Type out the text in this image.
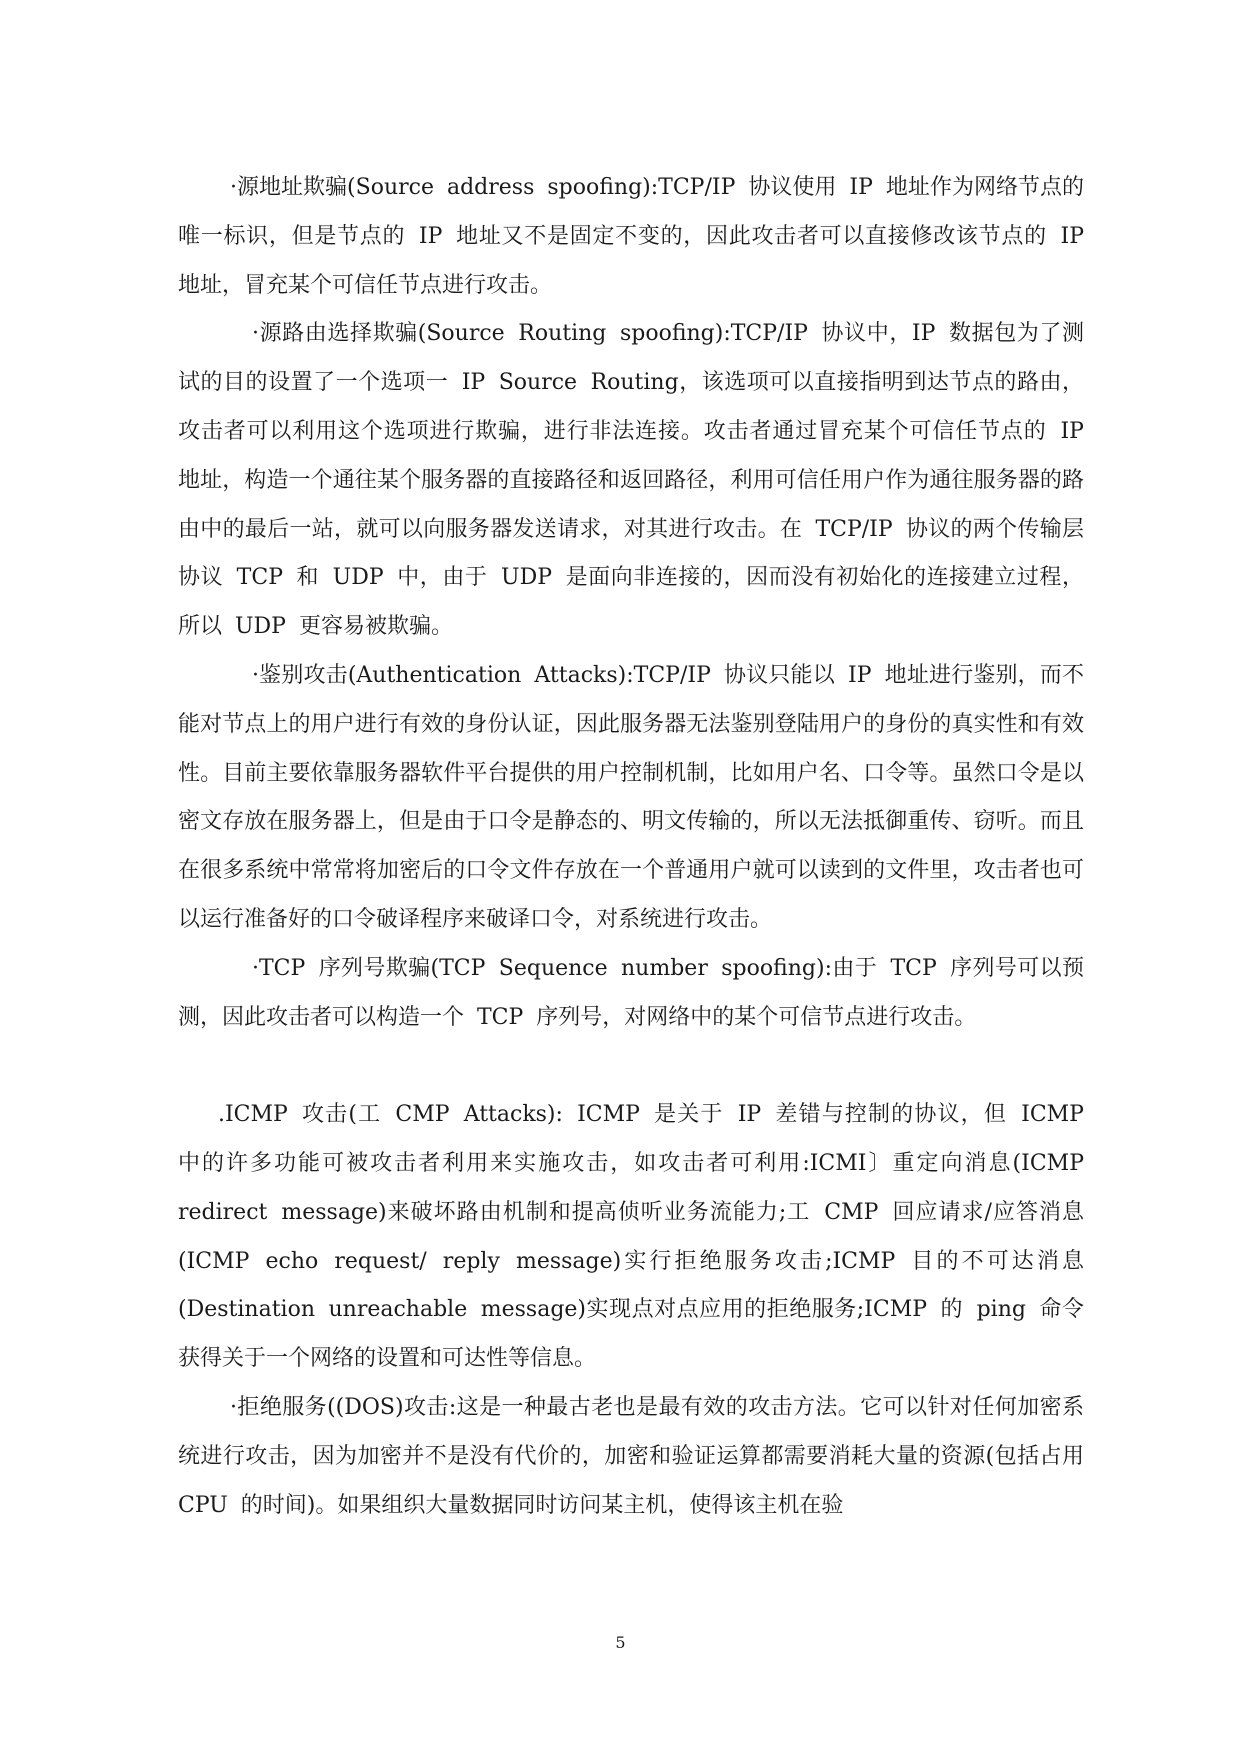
·源地址欺骗(Source address spoofing):TCP/IP 协议使用 IP 地址作为网络节点的唯一标识，但是节点的 IP 地址又不是固定不变的，因此攻击者可以直接修改该节点的 IP 地址，冒充某个可信任节点进行攻击。

·源路由选择欺骗(Source Routing spoofing):TCP/IP 协议中，IP 数据包为了测试的目的设置了一个选项一 IP Source Routing，该选项可以直接指明到达节点的路由，攻击者可以利用这个选项进行欺骗，进行非法连接。攻击者通过冒充某个可信任节点的 IP 地址，构造一个通往某个服务器的直接路径和返回路径，利用可信任用户作为通往服务器的路由中的最后一站，就可以向服务器发送请求，对其进行攻击。在 TCP/IP 协议的两个传输层协议 TCP 和 UDP 中，由于 UDP 是面向非连接的，因而没有初始化的连接建立过程，所以 UDP 更容易被欺骗。

·鉴别攻击(Authentication Attacks):TCP/IP 协议只能以 IP 地址进行鉴别，而不能对节点上的用户进行有效的身份认证，因此服务器无法鉴别登陆用户的身份的真实性和有效性。目前主要依靠服务器软件平台提供的用户控制机制，比如用户名、口令等。虽然口令是以密文存放在服务器上，但是由于口令是静态的、明文传输的，所以无法抵御重传、窃听。而且在很多系统中常常将加密后的口令文件存放在一个普通用户就可以读到的文件里，攻击者也可以运行准备好的口令破译程序来破译口令，对系统进行攻击。

·TCP 序列号欺骗(TCP Sequence number spoofing):由于 TCP 序列号可以预测，因此攻击者可以构造一个 TCP 序列号，对网络中的某个可信节点进行攻击。

.ICMP 攻击(工 CMP Attacks): ICMP 是关于 IP 差错与控制的协议，但 ICMP 中的许多功能可被攻击者利用来实施攻击，如攻击者可利用:ICMI〕重定向消息(ICMP redirect message)来破坏路由机制和提高侦听业务流能力;工 CMP 回应请求/应答消息(ICMP echo request/ reply message)实行拒绝服务攻击;ICMP 目的不可达消息(Destination unreachable message)实现点对点应用的拒绝服务;ICMP 的 ping 命令获得关于一个网络的设置和可达性等信息。

·拒绝服务((DOS)攻击:这是一种最古老也是最有效的攻击方法。它可以针对任何加密系统进行攻击，因为加密并不是没有代价的，加密和验证运算都需要消耗大量的资源(包括占用 CPU 的时间)。如果组织大量数据同时访问某主机，使得该主机在验

5
